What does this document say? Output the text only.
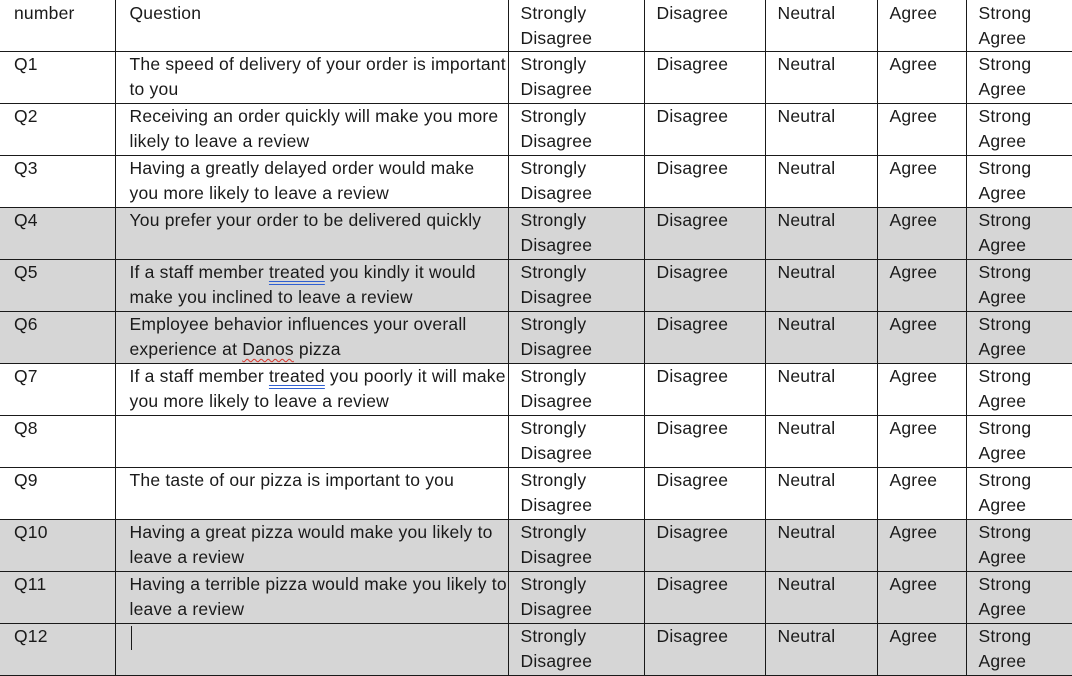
number	Question	Strongly Disagree	Disagree	Neutral	Agree	Strong Agree
Q1	The speed of delivery of your order is important to you	Strongly Disagree	Disagree	Neutral	Agree	Strong Agree
Q2	Receiving an order quickly will make you more likely to leave a review	Strongly Disagree	Disagree	Neutral	Agree	Strong Agree
Q3	Having a greatly delayed order would make you more likely to leave a review	Strongly Disagree	Disagree	Neutral	Agree	Strong Agree
Q4	You prefer your order to be delivered quickly	Strongly Disagree	Disagree	Neutral	Agree	Strong Agree
Q5	If a staff member treated you kindly it would make you inclined to leave a review	Strongly Disagree	Disagree	Neutral	Agree	Strong Agree
Q6	Employee behavior influences your overall experience at Danos pizza	Strongly Disagree	Disagree	Neutral	Agree	Strong Agree
Q7	If a staff member treated you poorly it will make you more likely to leave a review	Strongly Disagree	Disagree	Neutral	Agree	Strong Agree
Q8		Strongly Disagree	Disagree	Neutral	Agree	Strong Agree
Q9	The taste of our pizza is important to you	Strongly Disagree	Disagree	Neutral	Agree	Strong Agree
Q10	Having a great pizza would make you likely to leave a review	Strongly Disagree	Disagree	Neutral	Agree	Strong Agree
Q11	Having a terrible pizza would make you likely to leave a review	Strongly Disagree	Disagree	Neutral	Agree	Strong Agree
Q12		Strongly Disagree	Disagree	Neutral	Agree	Strong Agree
